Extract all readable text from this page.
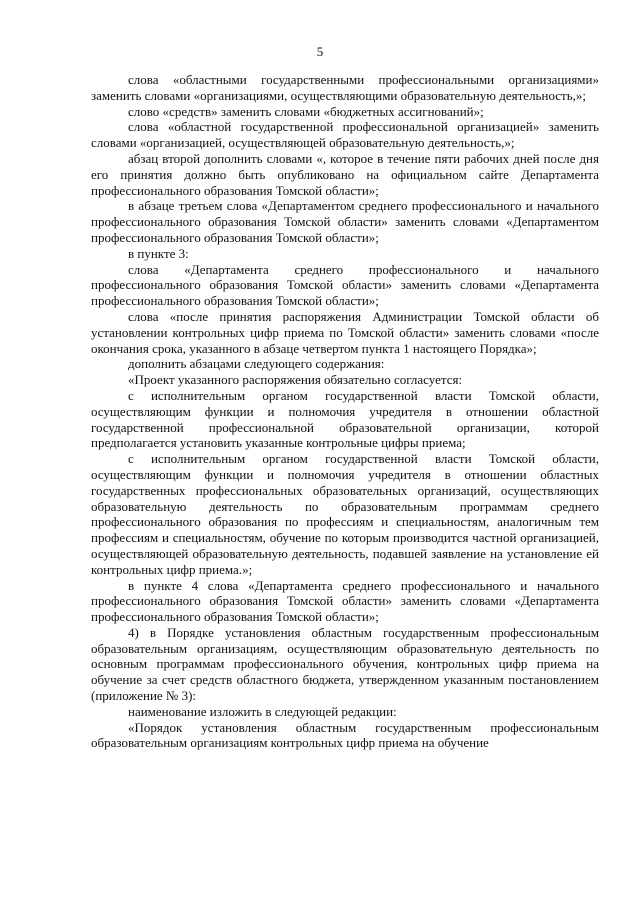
5

слова «областными государственными профессиональными организациями» заменить словами «организациями, осуществляющими образовательную деятельность,»;

слово «средств» заменить словами «бюджетных ассигнований»;

слова «областной государственной профессиональной организацией» заменить словами «организацией, осуществляющей образовательную деятельность,»;

абзац второй дополнить словами «, которое в течение пяти рабочих дней после дня его принятия должно быть опубликовано на официальном сайте Департамента профессионального образования Томской области»;

в абзаце третьем слова «Департаментом среднего профессионального и начального профессионального образования Томской области» заменить словами «Департаментом профессионального образования Томской области»;

в пункте 3:

слова «Департамента среднего профессионального и начального профессионального образования Томской области» заменить словами «Департамента профессионального образования Томской области»;

слова «после принятия распоряжения Администрации Томской области об установлении контрольных цифр приема по Томской области» заменить словами «после окончания срока, указанного в абзаце четвертом пункта 1 настоящего Порядка»;

дополнить абзацами следующего содержания:

«Проект указанного распоряжения обязательно согласуется:

с исполнительным органом государственной власти Томской области, осуществляющим функции и полномочия учредителя в отношении областной государственной профессиональной образовательной организации, которой предполагается установить указанные контрольные цифры приема;

с исполнительным органом государственной власти Томской области, осуществляющим функции и полномочия учредителя в отношении областных государственных профессиональных образовательных организаций, осуществляющих образовательную деятельность по образовательным программам среднего профессионального образования по профессиям и специальностям, аналогичным тем профессиям и специальностям, обучение по которым производится частной организацией, осуществляющей образовательную деятельность, подавшей заявление на установление ей контрольных цифр приема.»;

в пункте 4 слова «Департамента среднего профессионального и начального профессионального образования Томской области» заменить словами «Департамента профессионального образования Томской области»;

4) в Порядке установления областным государственным профессиональным образовательным организациям, осуществляющим образовательную деятельность по основным программам профессионального обучения, контрольных цифр приема на обучение за счет средств областного бюджета, утвержденном указанным постановлением (приложение № 3):

наименование изложить в следующей редакции:

«Порядок установления областным государственным профессиональным образовательным организациям контрольных цифр приема на обучение
